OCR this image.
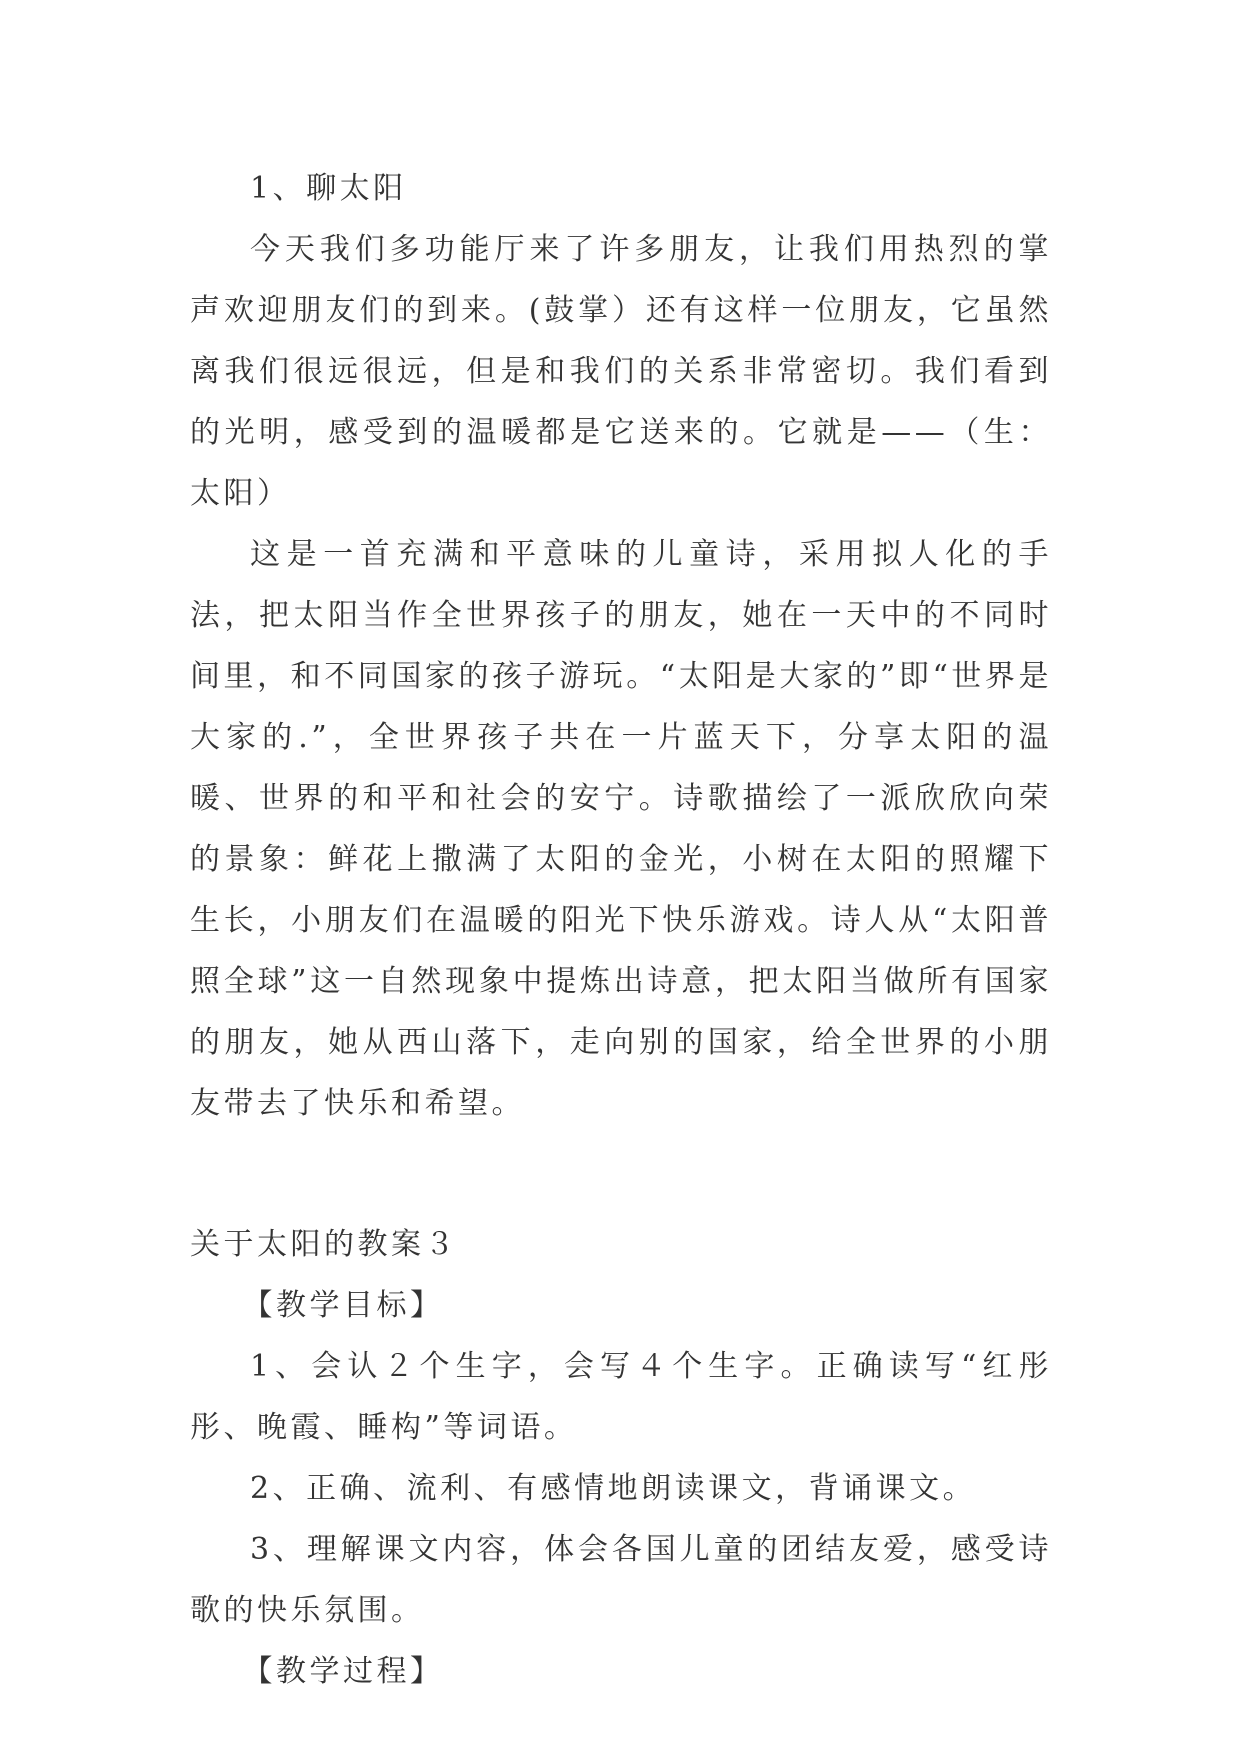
1、聊太阳

今天我们多功能厅来了许多朋友，让我们用热烈的掌声欢迎朋友们的到来。(鼓掌）还有这样一位朋友，它虽然离我们很远很远，但是和我们的关系非常密切。我们看到的光明，感受到的温暖都是它送来的。它就是——（生：太阳）

这是一首充满和平意味的儿童诗，采用拟人化的手法，把太阳当作全世界孩子的朋友，她在一天中的不同时间里，和不同国家的孩子游玩。“太阳是大家的”即“世界是大家的.”，全世界孩子共在一片蓝天下，分享太阳的温暖、世界的和平和社会的安宁。诗歌描绘了一派欣欣向荣的景象：鲜花上撒满了太阳的金光，小树在太阳的照耀下生长，小朋友们在温暖的阳光下快乐游戏。诗人从“太阳普照全球”这一自然现象中提炼出诗意，把太阳当做所有国家的朋友，她从西山落下，走向别的国家，给全世界的小朋友带去了快乐和希望。

关于太阳的教案３

【教学目标】

1、会认２个生字，会写４个生字。正确读写“红彤彤、晚霞、睡构”等词语。

2、正确、流利、有感情地朗读课文，背诵课文。

3、理解课文内容，体会各国儿童的团结友爱，感受诗歌的快乐氛围。

【教学过程】
